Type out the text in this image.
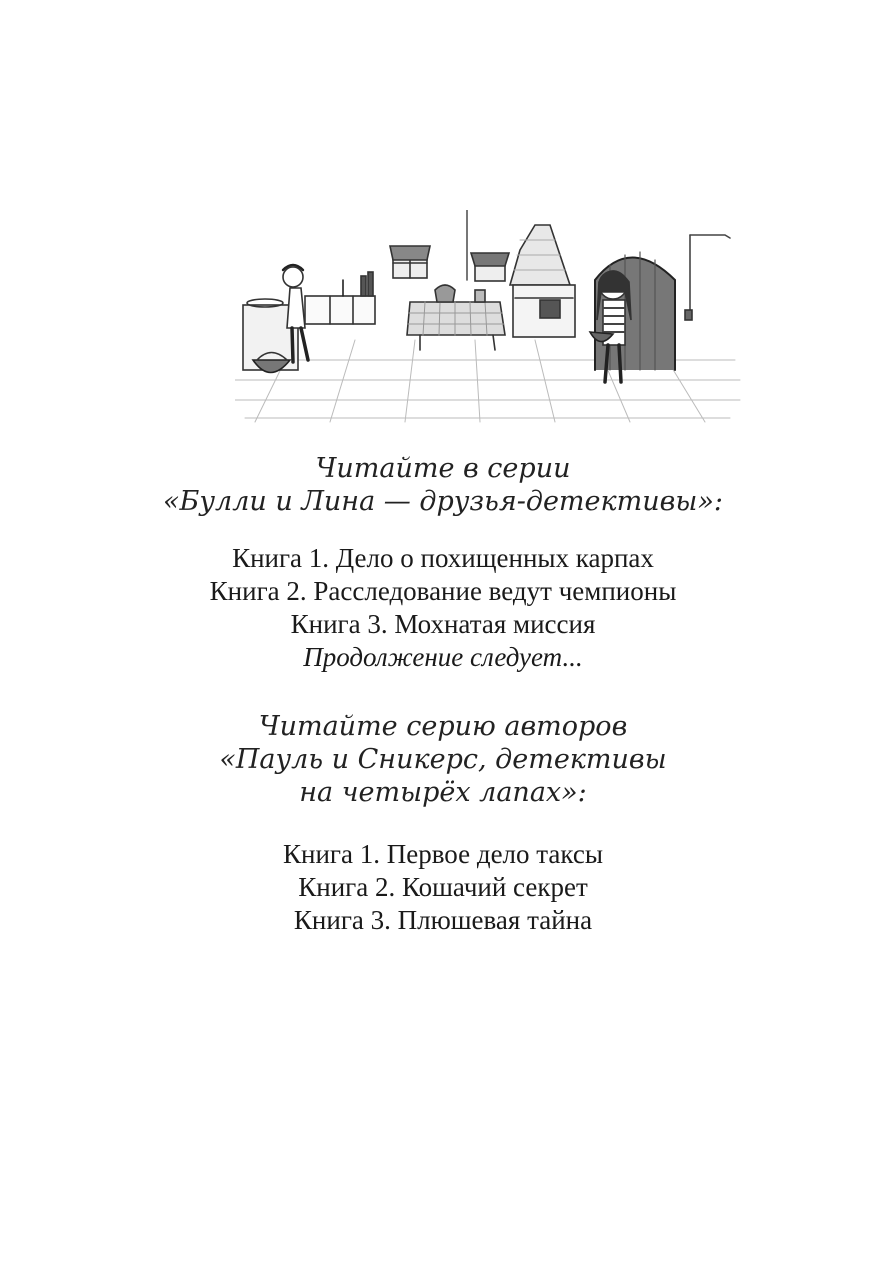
Читайте в серии
«Булли и Лина — друзья-детективы»:
Книга 1. Дело о похищенных карпах
Книга 2. Расследование ведут чемпионы
Книга 3. Мохнатая миссия
Продолжение следует...
Читайте серию авторов
«Пауль и Сникерс, детективы
на четырёх лапах»:
Книга 1. Первое дело таксы
Книга 2. Кошачий секрет
Книга 3. Плюшевая тайна
